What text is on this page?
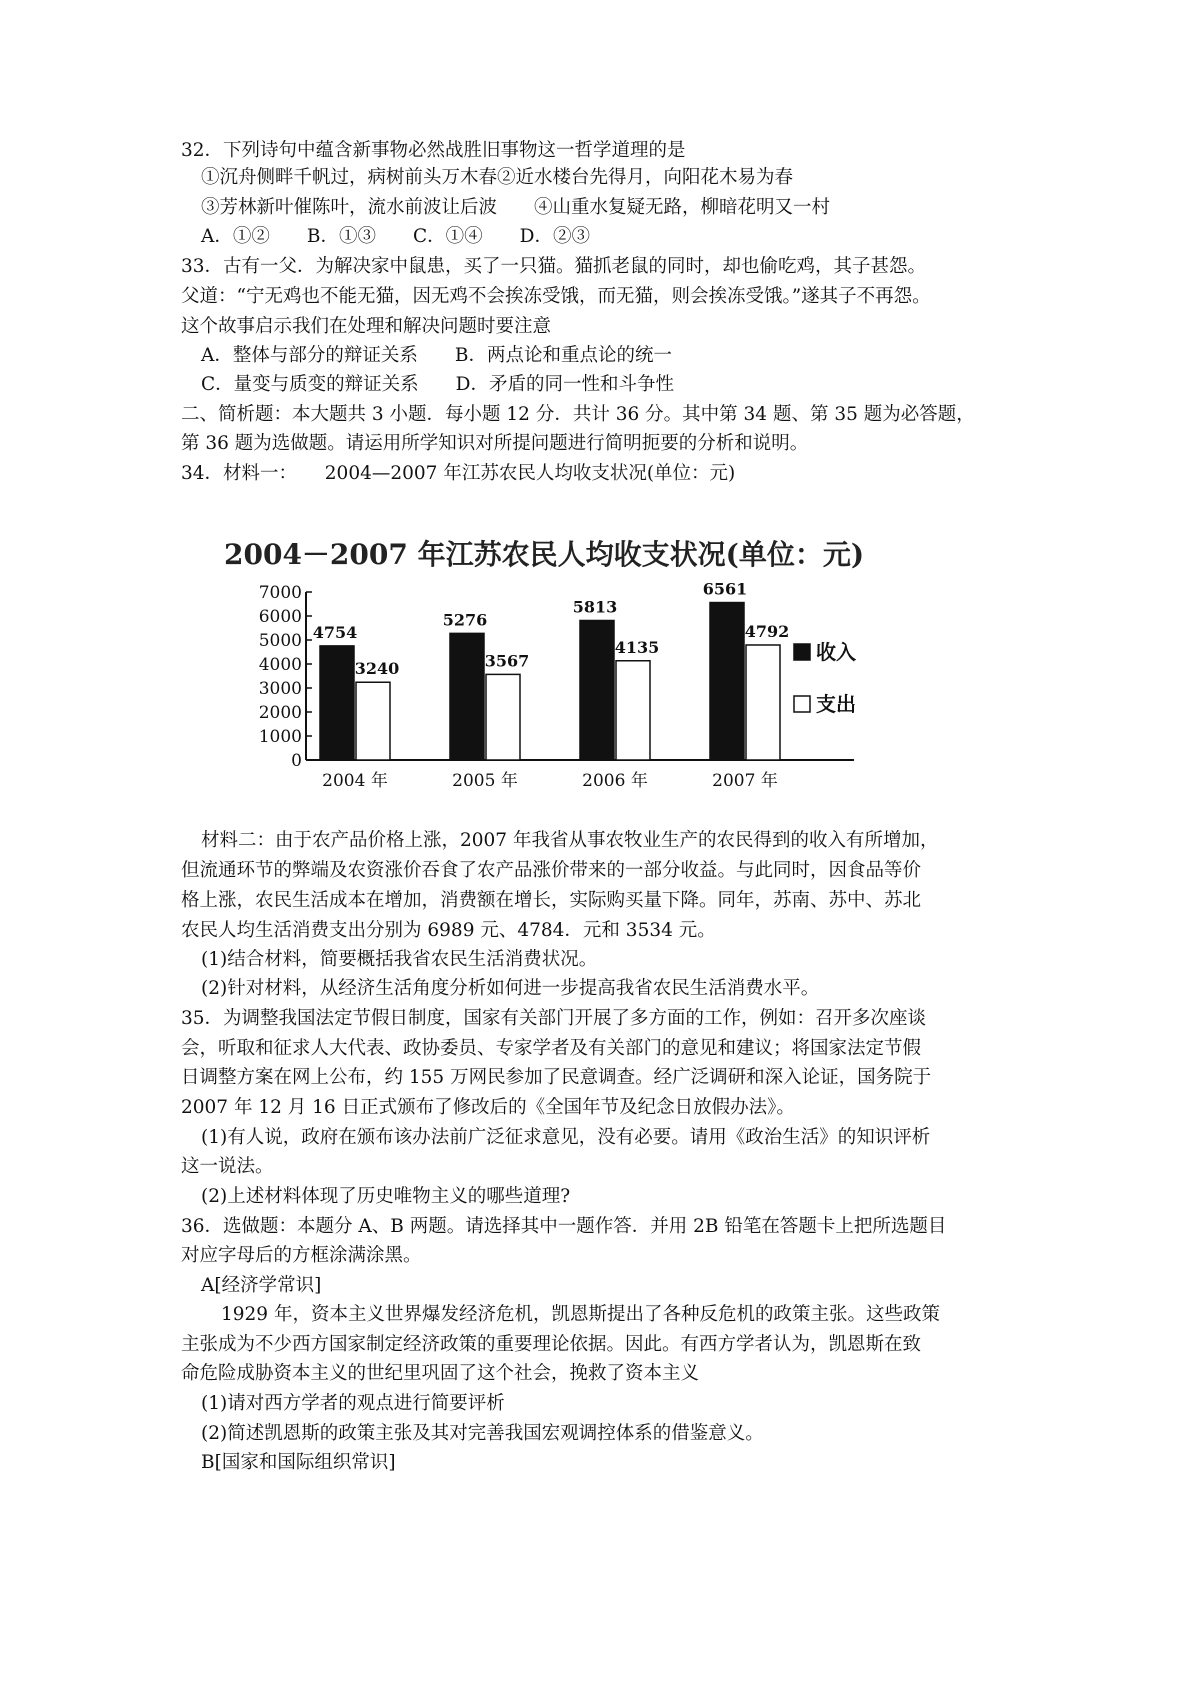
32．下列诗句中蕴含新事物必然战胜旧事物这一哲学道理的是
①沉舟侧畔千帆过，病树前头万木春②近水楼台先得月，向阳花木易为春
③芳林新叶催陈叶，流水前波让后波　　④山重水复疑无路，柳暗花明又一村
A．①②　　B．①③　　C．①④　　D．②③
33．古有一父．为解决家中鼠患，买了一只猫。猫抓老鼠的同时，却也偷吃鸡，其子甚怨。
父道：“宁无鸡也不能无猫，因无鸡不会挨冻受饿，而无猫，则会挨冻受饿。”遂其子不再怨。
这个故事启示我们在处理和解决问题时要注意
A．整体与部分的辩证关系　　B．两点论和重点论的统一
C．量变与质变的辩证关系　　D．矛盾的同一性和斗争性
二、简析题：本大题共 3 小题．每小题 12 分．共计 36 分。其中第 34 题、第 35 题为必答题，
第 36 题为选做题。请运用所学知识对所提问题进行简明扼要的分析和说明。
34．材料一：　　2004—2007 年江苏农民人均收支状况(单位：元)
2004－2007 年江苏农民人均收支状况(单位：元)
0
1000
2000
3000
4000
5000
6000
7000
4754
3240
5276
3567
5813
4135
6561
4792
2004 年	2005 年	2006 年	2007 年
收入
支出
材料二：由于农产品价格上涨，2007 年我省从事农牧业生产的农民得到的收入有所增加，
但流通环节的弊端及农资涨价吞食了农产品涨价带来的一部分收益。与此同时，因食品等价
格上涨，农民生活成本在增加，消费额在增长，实际购买量下降。同年，苏南、苏中、苏北
农民人均生活消费支出分别为 6989 元、4784．元和 3534 元。
(1)结合材料，简要概括我省农民生活消费状况。
(2)针对材料，从经济生活角度分析如何进一步提高我省农民生活消费水平。
35．为调整我国法定节假日制度，国家有关部门开展了多方面的工作，例如：召开多次座谈
会，听取和征求人大代表、政协委员、专家学者及有关部门的意见和建议；将国家法定节假
日调整方案在网上公布，约 155 万网民参加了民意调查。经广泛调研和深入论证，国务院于
2007 年 12 月 16 日正式颁布了修改后的《全国年节及纪念日放假办法》。
(1)有人说，政府在颁布该办法前广泛征求意见，没有必要。请用《政治生活》的知识评析
这一说法。
(2)上述材料体现了历史唯物主义的哪些道理?
36．选做题：本题分 A、B 两题。请选择其中一题作答．并用 2B 铅笔在答题卡上把所选题目
对应字母后的方框涂满涂黑。
A[经济学常识]
1929 年，资本主义世界爆发经济危机，凯恩斯提出了各种反危机的政策主张。这些政策
主张成为不少西方国家制定经济政策的重要理论依据。因此。有西方学者认为，凯恩斯在致
命危险成胁资本主义的世纪里巩固了这个社会，挽救了资本主义
(1)请对西方学者的观点进行简要评析
(2)简述凯恩斯的政策主张及其对完善我国宏观调控体系的借鉴意义。
B[国家和国际组织常识]
